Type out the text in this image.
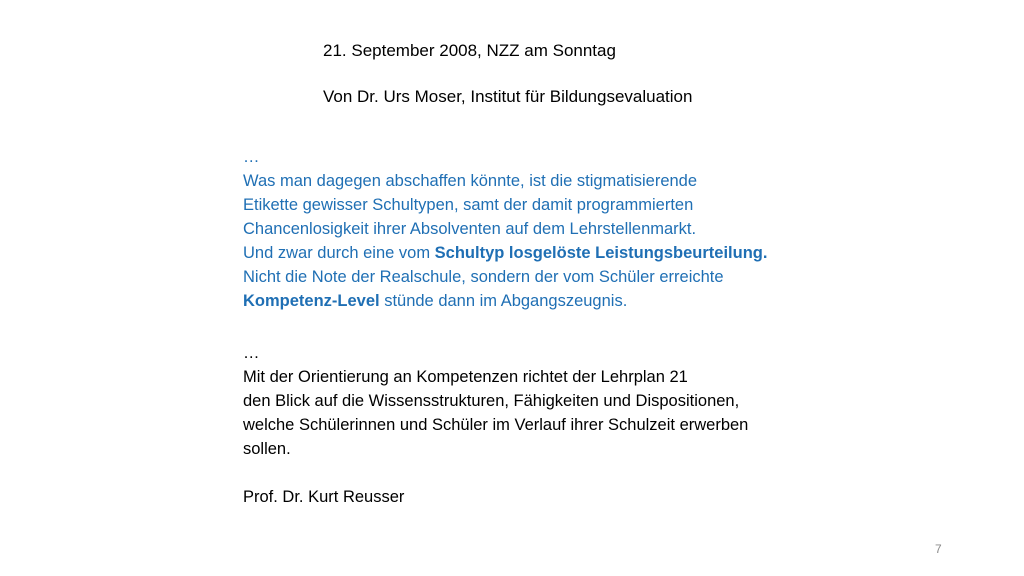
21. September 2008, NZZ am Sonntag
Von Dr. Urs Moser, Institut für Bildungsevaluation
…
Was man dagegen abschaffen könnte, ist die stigmatisierende
Etikette gewisser Schultypen, samt der damit programmierten
Chancenlosigkeit ihrer Absolventen auf dem Lehrstellenmarkt.
Und zwar durch eine vom Schultyp losgelöste Leistungsbeurteilung.
Nicht die Note der Realschule, sondern der vom Schüler erreichte
Kompetenz-Level stünde dann im Abgangszeugnis.
…
Mit der Orientierung an Kompetenzen richtet der Lehrplan 21
den Blick auf die Wissensstrukturen, Fähigkeiten und Dispositionen,
welche Schülerinnen und Schüler im Verlauf ihrer Schulzeit erwerben
sollen.
Prof. Dr. Kurt Reusser
7
